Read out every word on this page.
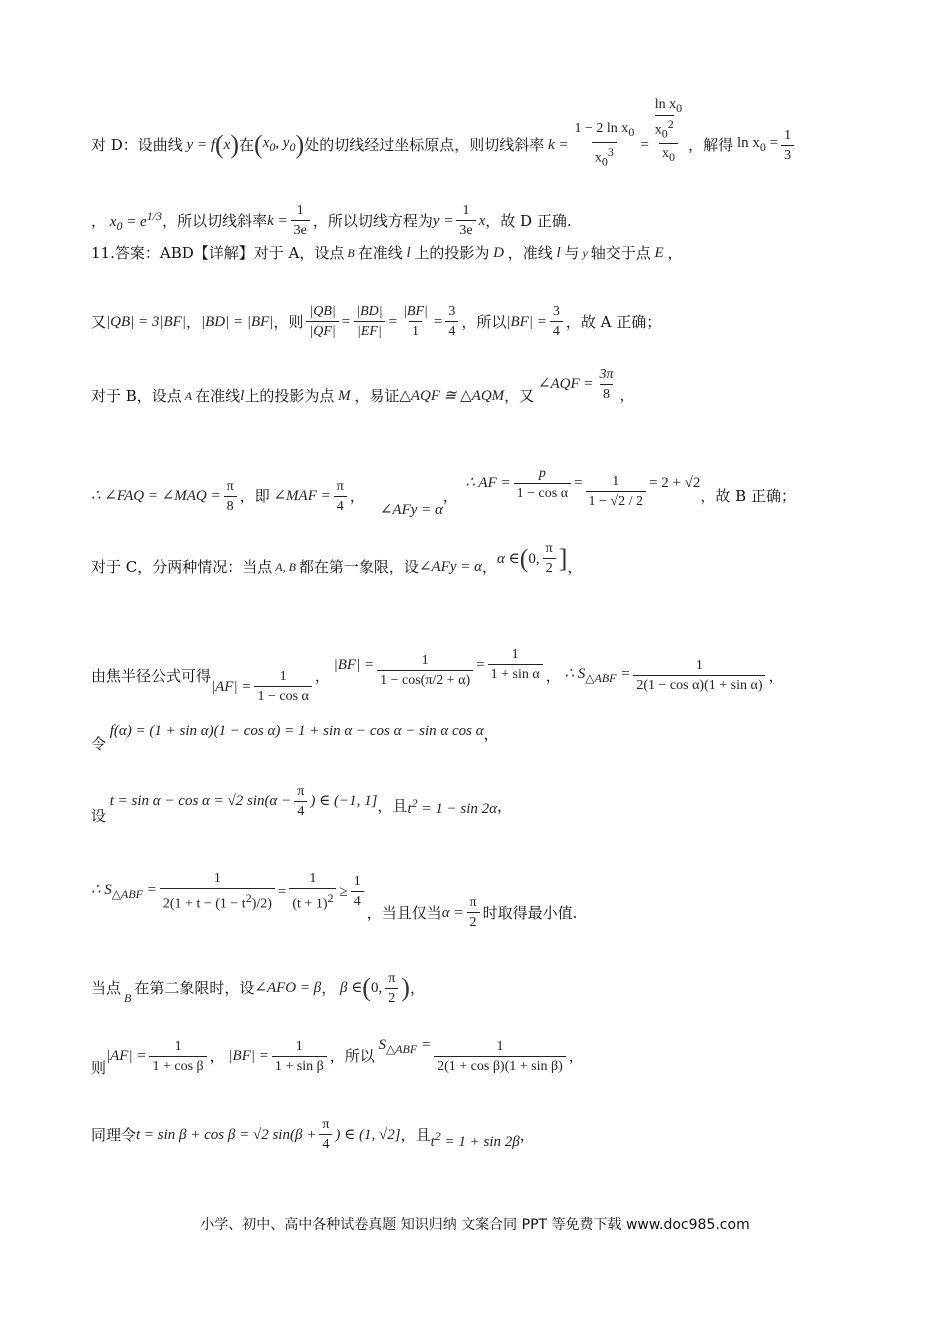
对 D：设曲线 y = f ( x ) 在 ( $x_0$, $y_0$ ) 处的切线经过坐标原点，则切线斜率 $k = \frac{1 - 2 \ln x_0}{x_0^3}$ =
$\ln x_0$
$x_0^2$
$x_0$
，解得 $\ln x_0 = \frac{1}{3}$
， $x_0 = e^{1/3}$ ，所以切线斜率 $k = \frac{1}{3e}$ ，所以切线方程为 $y = \frac{1}{3e}$ x ，故 D 正确.
11.答案：ABD【详解】对于 A，设点 B 在准线 l 上的投影为 D ，准线 l 与 y 轴交于点 E ，
又 |QB| = 3|BF| ， |BD| = |BF| ，则 $\frac{|QB|}{|QF|} = \frac{|BD|}{|EF|} = \frac{|BF|}{1} = \frac{3}{4}$ ，所以 $|BF| = \frac{3}{4}$ ，故 A 正确；
对于 B，设点 A 在准线 l 上的投影为点 M ，易证 △AQF ≅ △AQM ，又
∠AQF = $\frac{3\pi}{8}$ ，
∴ ∠FAQ = ∠MAQ = $\frac{\pi}{8}$ ，即 ∠MAF = $\frac{\pi}{4}$ ，
∠AFy = α
，
∴ AF = $\frac{p}{\text{1 − cos α}} = \frac{1}{1 - √2 / 2} = 2 + √2$
，故 B 正确；
对于 C，分两种情况：当点 A, B 都在第一象限，设 ∠AFy = α ， α ∈ ( 0, $\frac{\pi}{2}$ ] ，
由焦半径公式可得
$|AF| = \frac{1}{\text{1 − cos α}}$ ，
$|BF| = \frac{1}{1 - \cos(\pi/2 + \alpha)} = \frac{1}{\text{1 + sin α}}$ ， ∴ $S_{\triangle ABF} = \frac{1}{\text{2(1 − cos α)(1 + sin α)}}$ ，
令
f(α) = (1 + sin α)(1 − cos α) = 1 + sin α − cos α − sin α cos α ，
设
t = sin α − cos α = √2 $\sin(\alpha - \frac{\pi}{4}$ ) ∈ (−1, 1] ，且 $t^2 = 1 - \sin 2\alpha$ ，
∴ $S_{\triangle ABF} = \frac{1}{2(1 + t - (1 - t^2)/2)} = \frac{1}{(t + 1)^2} \ge \frac{1}{4}$
，当且仅当 $\alpha = \frac{\pi}{2}$ 时取得最小值.
当点
B
在第二象限时，设 ∠AFO = β ， β ∈ ( 0, $\frac{\pi}{2}$ ) ，
则
$|AF| = \frac{1}{\text{1 + cos β}}$ ， $|BF| = \frac{1}{\text{1 + sin β}}$ ，所以
$S_{\triangle ABF} = \frac{1}{\text{2(1 + cos β)(1 + sin β)}}$ ，
同理令 t = sin β + cos β = √2 $\sin(\beta + \frac{\pi}{4}$ ) ∈ (1, √2] ，且 $t^2 = 1 + \sin 2\beta$ ，
小学、初中、高中各种试卷真题 知识归纳 文案合同 PPT 等免费下载 www.doc985.com
